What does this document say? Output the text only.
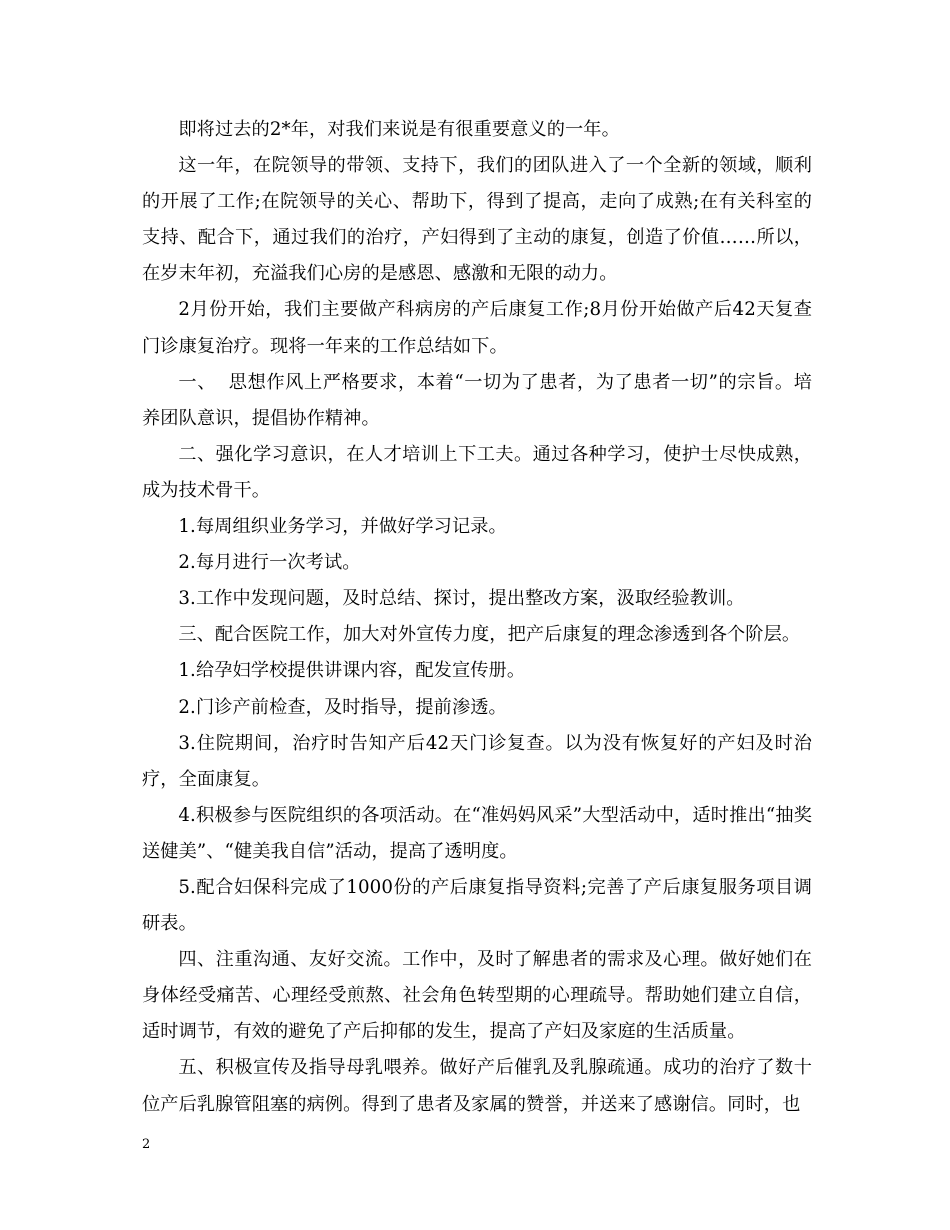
即将过去的2*年，对我们来说是有很重要意义的一年。

这一年，在院领导的带领、支持下，我们的团队进入了一个全新的领域，顺利的开展了工作;在院领导的关心、帮助下，得到了提高，走向了成熟;在有关科室的支持、配合下，通过我们的治疗，产妇得到了主动的康复，创造了价值……所以，在岁末年初，充溢我们心房的是感恩、感激和无限的动力。

2月份开始，我们主要做产科病房的产后康复工作;8月份开始做产后42天复查门诊康复治疗。现将一年来的工作总结如下。

一、  思想作风上严格要求，本着“一切为了患者，为了患者一切”的宗旨。培养团队意识，提倡协作精神。

二、强化学习意识，在人才培训上下工夫。通过各种学习，使护士尽快成熟，成为技术骨干。

1.每周组织业务学习，并做好学习记录。

2.每月进行一次考试。

3.工作中发现问题，及时总结、探讨，提出整改方案，汲取经验教训。

三、配合医院工作，加大对外宣传力度，把产后康复的理念渗透到各个阶层。

1.给孕妇学校提供讲课内容，配发宣传册。

2.门诊产前检查，及时指导，提前渗透。

3.住院期间，治疗时告知产后42天门诊复查。以为没有恢复好的产妇及时治疗，全面康复。

4.积极参与医院组织的各项活动。在“准妈妈风采”大型活动中，适时推出“抽奖送健美”、“健美我自信”活动，提高了透明度。

5.配合妇保科完成了1000份的产后康复指导资料;完善了产后康复服务项目调研表。

四、注重沟通、友好交流。工作中，及时了解患者的需求及心理。做好她们在身体经受痛苦、心理经受煎熬、社会角色转型期的心理疏导。帮助她们建立自信，适时调节，有效的避免了产后抑郁的发生，提高了产妇及家庭的生活质量。

五、积极宣传及指导母乳喂养。做好产后催乳及乳腺疏通。成功的治疗了数十位产后乳腺管阻塞的病例。得到了患者及家属的赞誉，并送来了感谢信。同时，也

2
